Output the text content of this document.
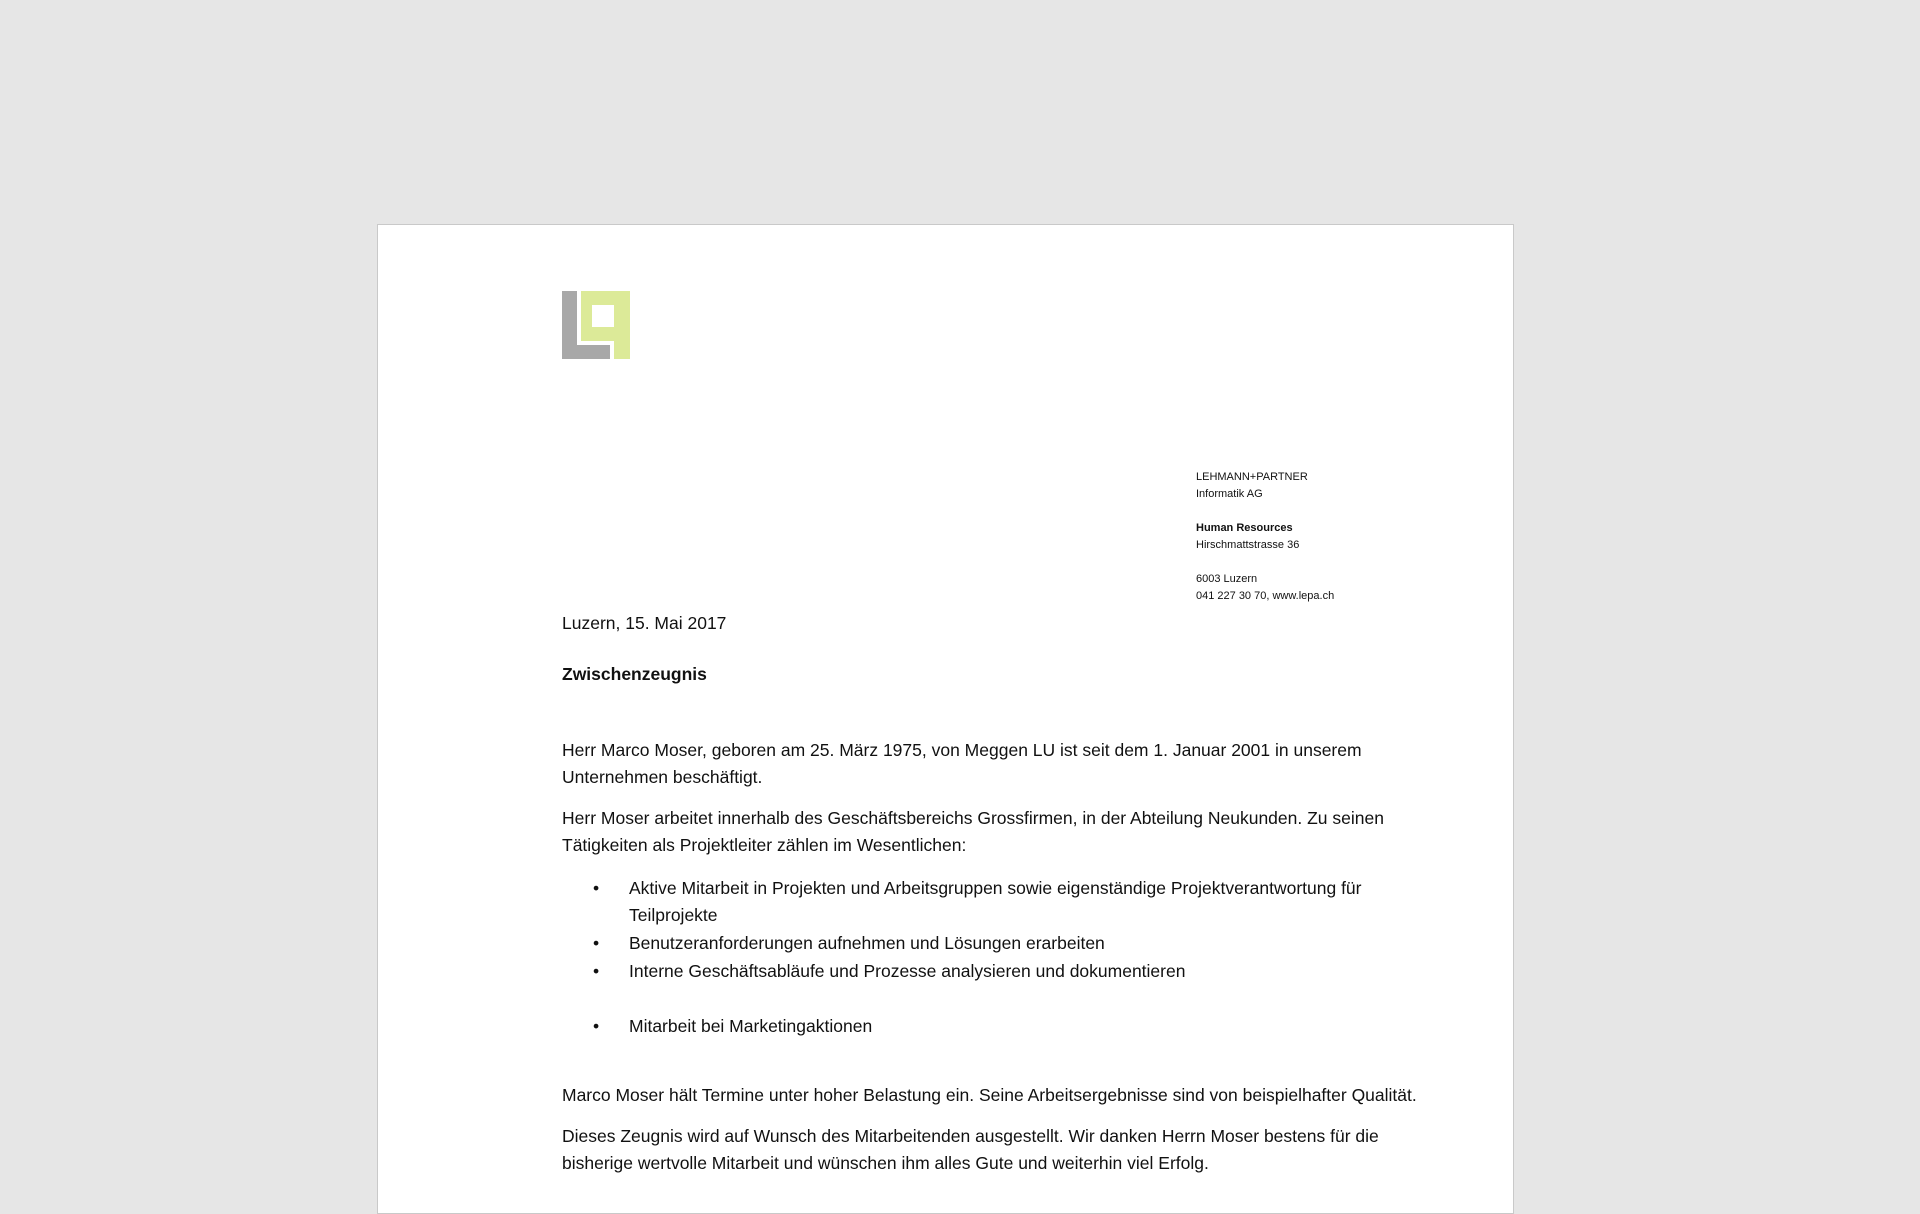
LEHMANN+PARTNER
Informatik AG
Human Resources
Hirschmattstrasse 36
6003 Luzern
041 227 30 70, www.lepa.ch

Luzern, 15. Mai 2017

Zwischenzeugnis

Herr Marco Moser, geboren am 25. März 1975, von Meggen LU ist seit dem 1. Januar 2001 in unserem Unternehmen beschäftigt.

Herr Moser arbeitet innerhalb des Geschäftsbereichs Grossfirmen, in der Abteilung Neukunden. Zu seinen Tätigkeiten als Projektleiter zählen im Wesentlichen:

• Aktive Mitarbeit in Projekten und Arbeitsgruppen sowie eigenständige Projektverantwortung für Teilprojekte
• Benutzeranforderungen aufnehmen und Lösungen erarbeiten
• Interne Geschäftsabläufe und Prozesse analysieren und dokumentieren
• Mitarbeit bei Marketingaktionen

Marco Moser hält Termine unter hoher Belastung ein. Seine Arbeitsergebnisse sind von beispielhafter Qualität.

Dieses Zeugnis wird auf Wunsch des Mitarbeitenden ausgestellt. Wir danken Herrn Moser bestens für die bisherige wertvolle Mitarbeit und wünschen ihm alles Gute und weiterhin viel Erfolg.
